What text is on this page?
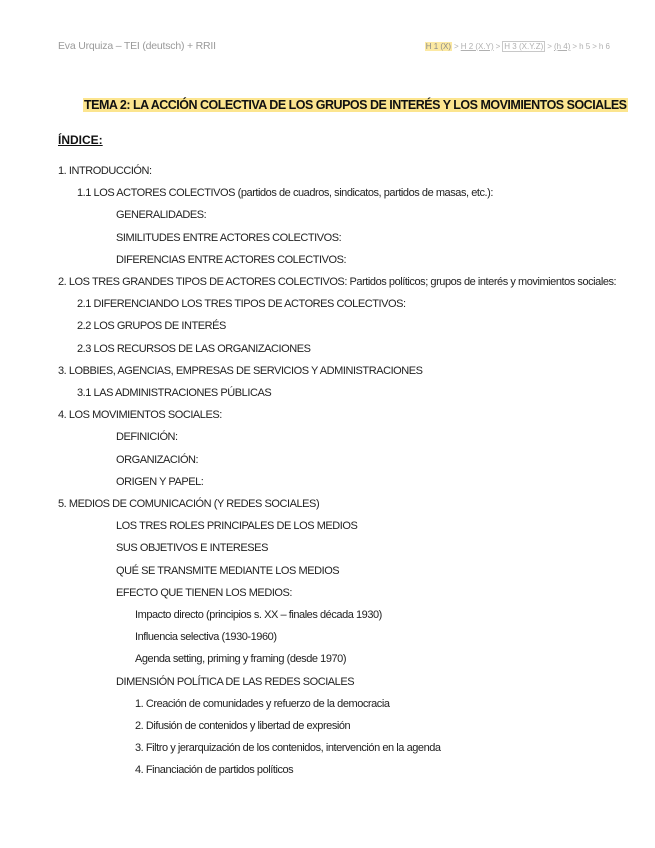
Eva Urquiza – TEI (deutsch) + RRII	H 1 (X) > H 2 (X.Y) > H 3 (X.Y.Z) > (h 4) > h 5 > h 6
TEMA 2: LA ACCIÓN COLECTIVA DE LOS GRUPOS DE INTERÉS Y LOS MOVIMIENTOS SOCIALES
ÍNDICE:
1. INTRODUCCIÓN:
1.1 LOS ACTORES COLECTIVOS (partidos de cuadros, sindicatos, partidos de masas, etc.):
GENERALIDADES:
SIMILITUDES ENTRE ACTORES COLECTIVOS:
DIFERENCIAS ENTRE ACTORES COLECTIVOS:
2. LOS TRES GRANDES TIPOS DE ACTORES COLECTIVOS: Partidos políticos; grupos de interés y movimientos sociales:
2.1 DIFERENCIANDO LOS TRES TIPOS DE ACTORES COLECTIVOS:
2.2 LOS GRUPOS DE INTERÉS
2.3 LOS RECURSOS DE LAS ORGANIZACIONES
3. LOBBIES, AGENCIAS, EMPRESAS DE SERVICIOS Y ADMINISTRACIONES
3.1 LAS ADMINISTRACIONES PÚBLICAS
4. LOS MOVIMIENTOS SOCIALES:
DEFINICIÓN:
ORGANIZACIÓN:
ORIGEN Y PAPEL:
5. MEDIOS DE COMUNICACIÓN (Y REDES SOCIALES)
LOS TRES ROLES PRINCIPALES DE LOS MEDIOS
SUS OBJETIVOS E INTERESES
QUÉ SE TRANSMITE MEDIANTE LOS MEDIOS
EFECTO QUE TIENEN LOS MEDIOS:
Impacto directo (principios s. XX – finales década 1930)
Influencia selectiva (1930-1960)
Agenda setting, priming y framing (desde 1970)
DIMENSIÓN POLÍTICA DE LAS REDES SOCIALES
1. Creación de comunidades y refuerzo de la democracia
2. Difusión de contenidos y libertad de expresión
3. Filtro y jerarquización de los contenidos, intervención en la agenda
4. Financiación de partidos políticos
